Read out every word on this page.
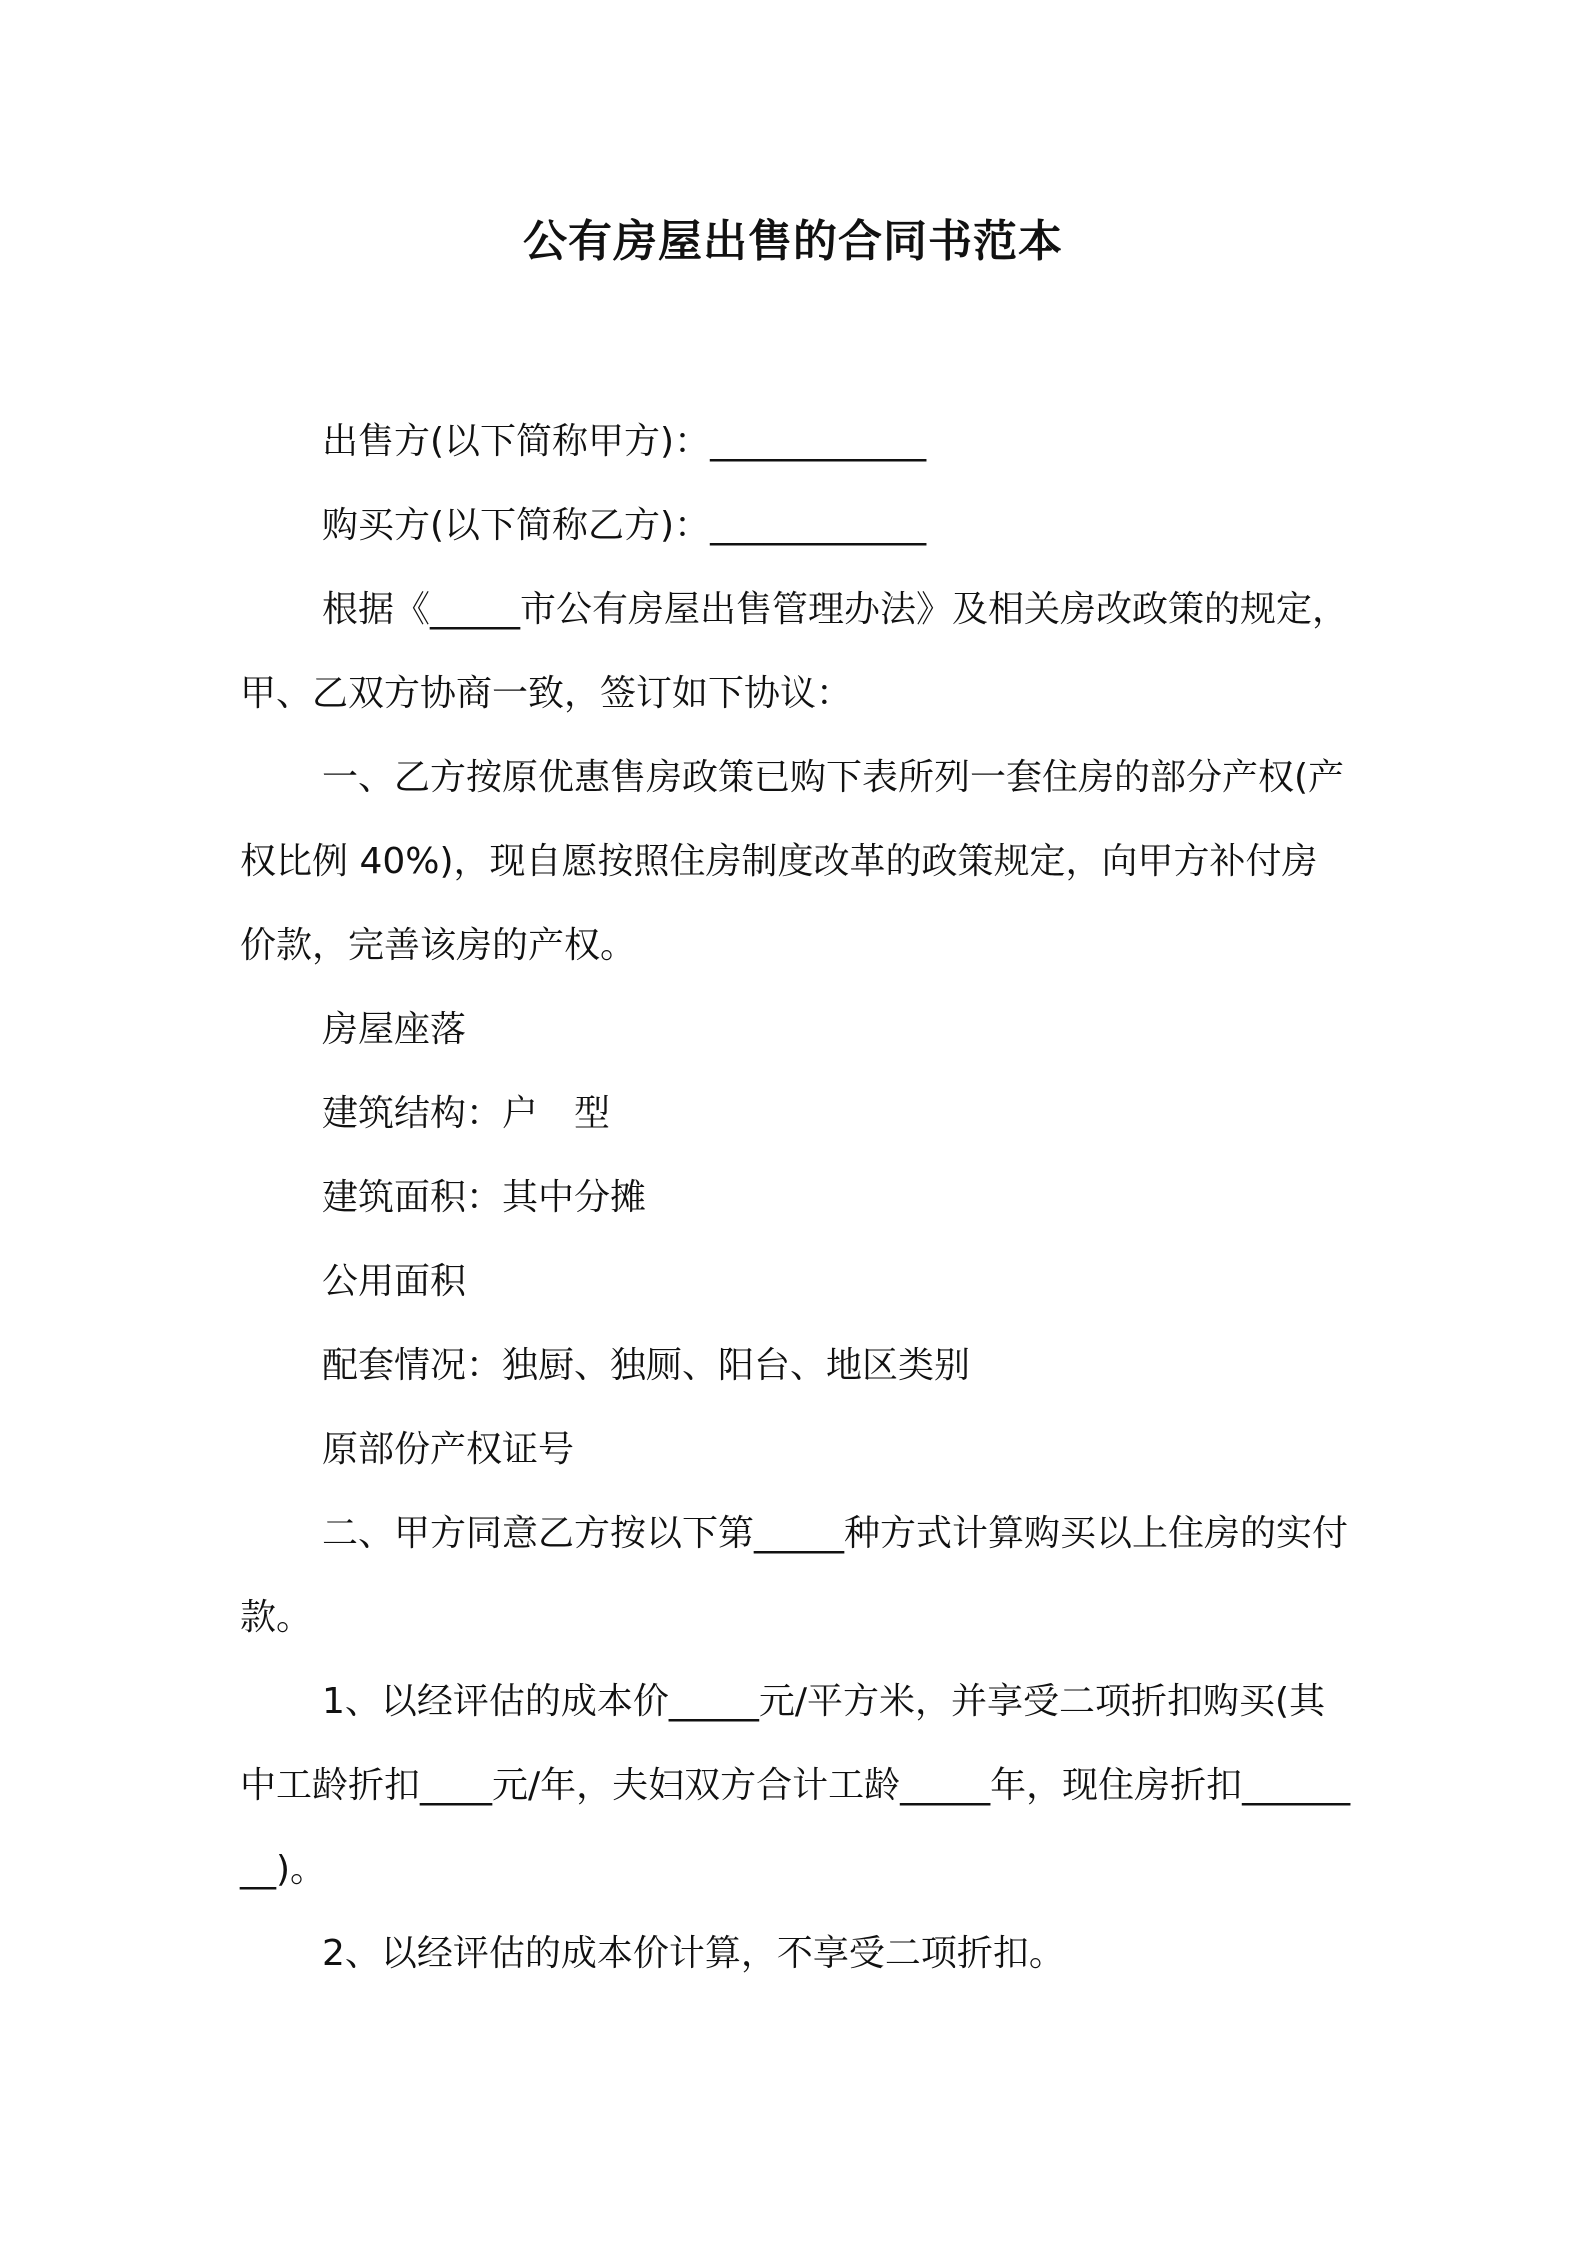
公有房屋出售的合同书范本

出售方(以下简称甲方)：____________

购买方(以下简称乙方)：____________

根据《_____市公有房屋出售管理办法》及相关房改政策的规定，甲、乙双方协商一致，签订如下协议：

一、乙方按原优惠售房政策已购下表所列一套住房的部分产权(产权比例 40%)，现自愿按照住房制度改革的政策规定，向甲方补付房价款，完善该房的产权。

房屋座落

建筑结构：户　型

建筑面积：其中分摊

公用面积

配套情况：独厨、独厕、阳台、地区类别

原部份产权证号

二、甲方同意乙方按以下第_____种方式计算购买以上住房的实付款。

1、以经评估的成本价_____元/平方米，并享受二项折扣购买(其中工龄折扣____元/年，夫妇双方合计工龄_____年，现住房折扣________)。

2、以经评估的成本价计算，不享受二项折扣。
